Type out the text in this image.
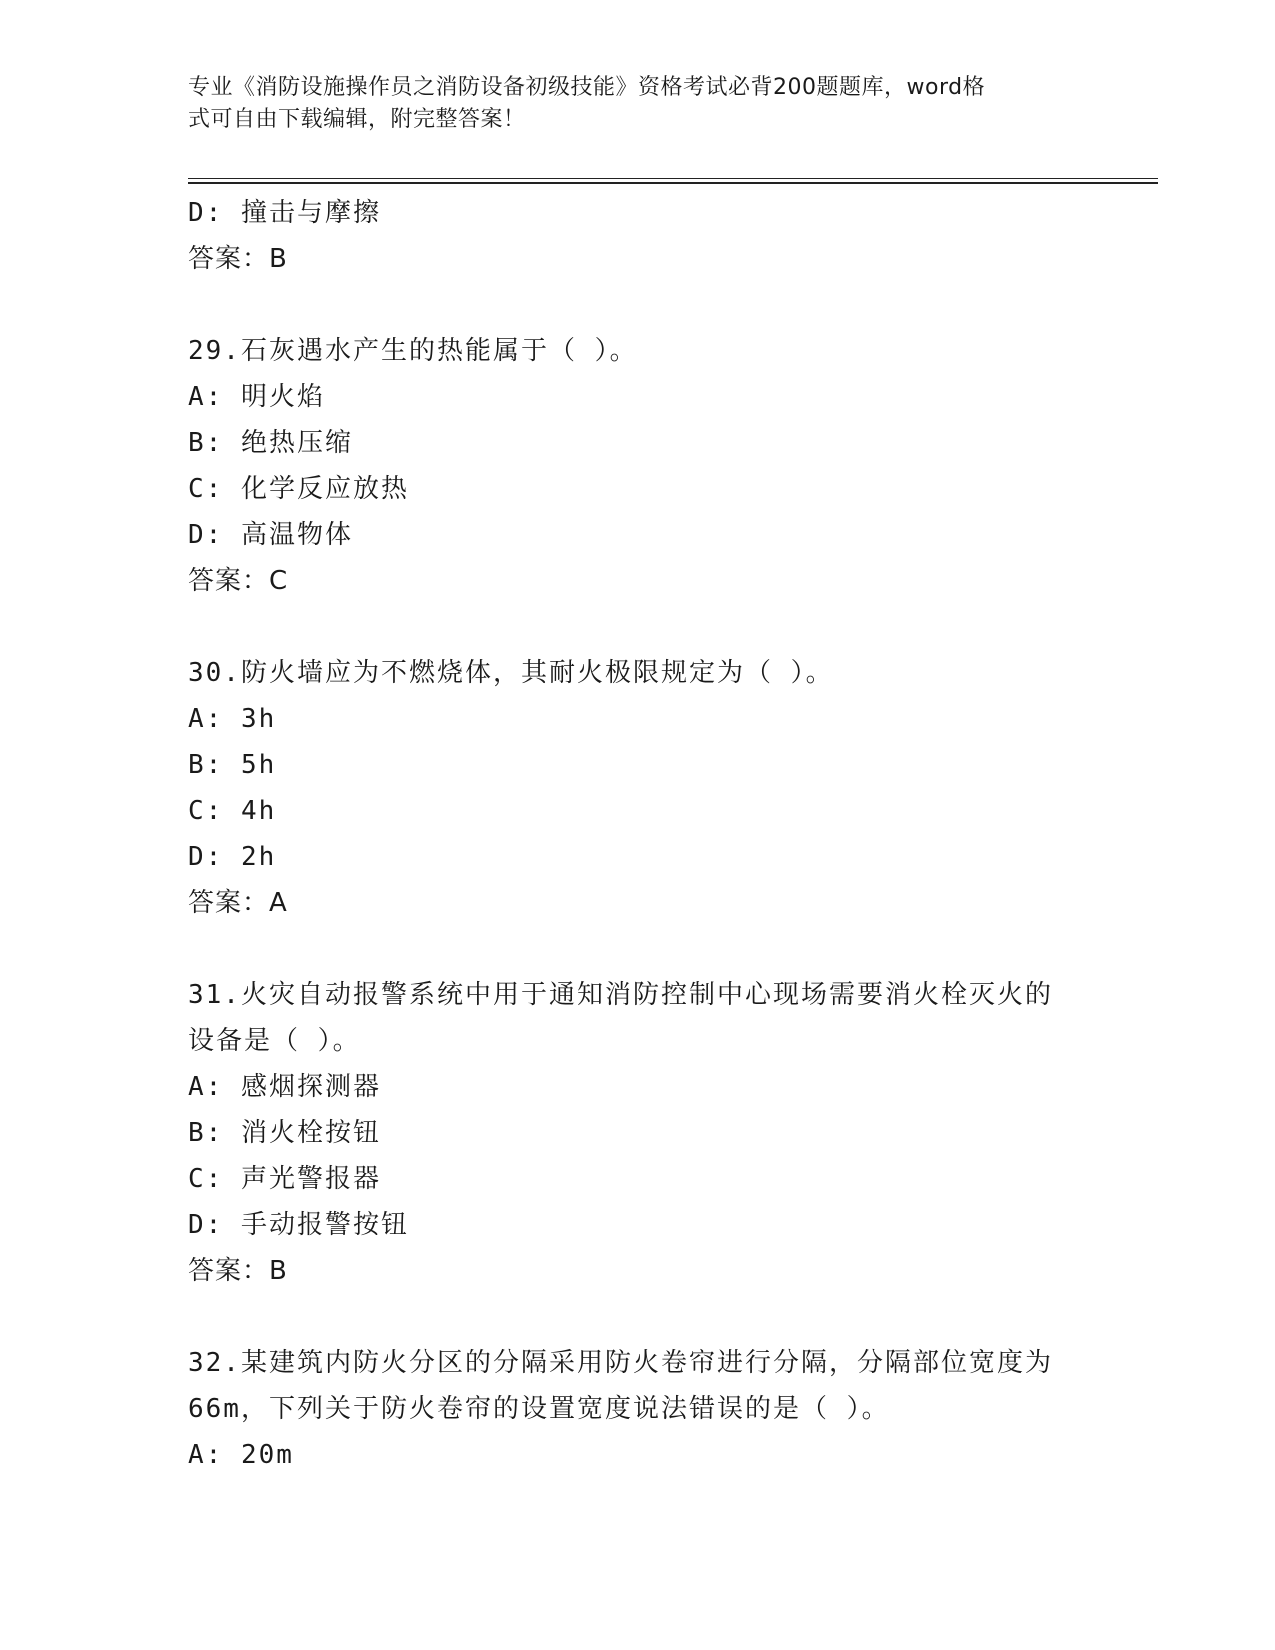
专业《消防设施操作员之消防设备初级技能》资格考试必背200题题库，word格
式可自由下载编辑，附完整答案！
D: 撞击与摩擦
答案：B
29.石灰遇水产生的热能属于（ ）。
A: 明火焰
B: 绝热压缩
C: 化学反应放热
D: 高温物体
答案：C
30.防火墙应为不燃烧体，其耐火极限规定为（ ）。
A: 3h
B: 5h
C: 4h
D: 2h
答案：A
31.火灾自动报警系统中用于通知消防控制中心现场需要消火栓灭火的
设备是（ ）。
A: 感烟探测器
B: 消火栓按钮
C: 声光警报器
D: 手动报警按钮
答案：B
32.某建筑内防火分区的分隔采用防火卷帘进行分隔，分隔部位宽度为
66m，下列关于防火卷帘的设置宽度说法错误的是（ ）。
A: 20m
